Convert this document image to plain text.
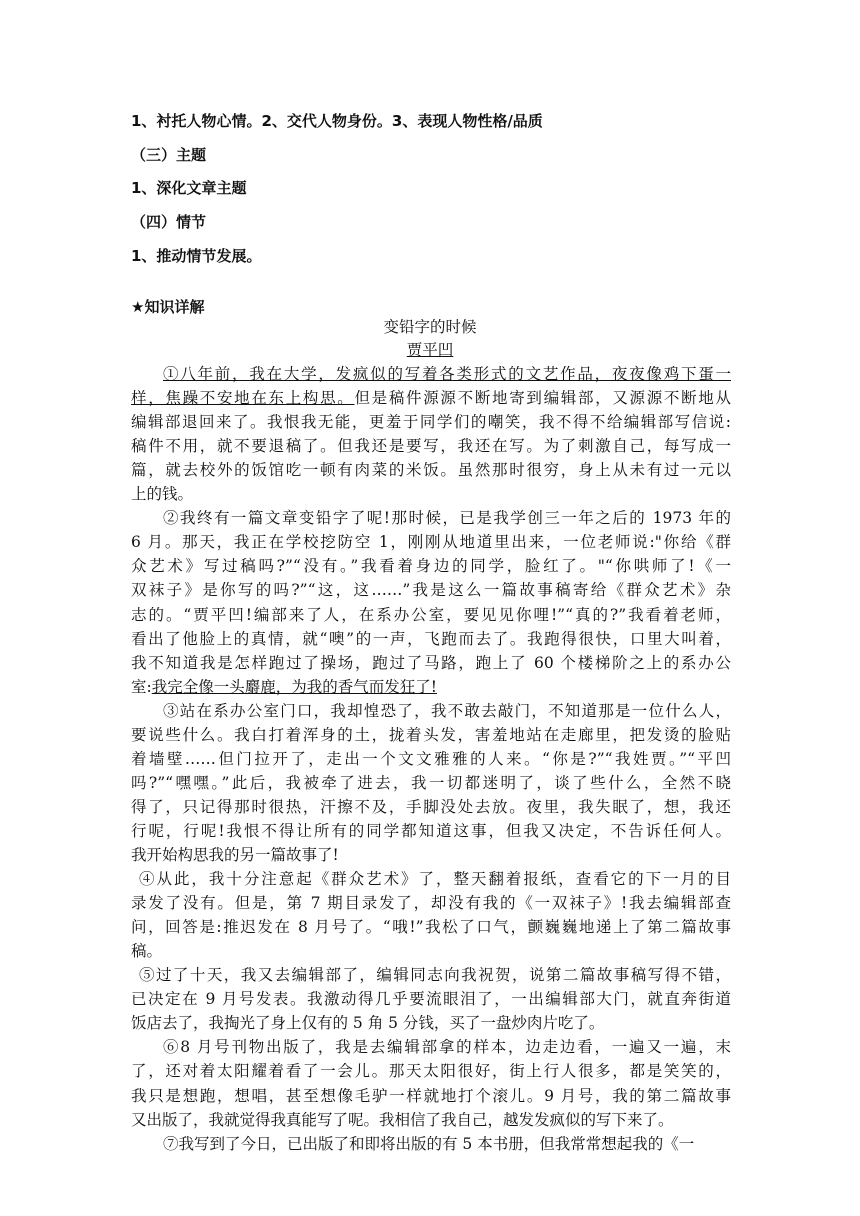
1、衬托人物心情。2、交代人物身份。3、表现人物性格/品质
（三）主题
1、深化文章主题
（四）情节
1、推动情节发展。
★知识详解
变铅字的时候
贾平凹
①八年前，我在大学，发疯似的写着各类形式的文艺作品，夜夜像鸡下蛋一
样，焦躁不安地在东上构思。但是稿件源源不断地寄到编辑部，又源源不断地从
编辑部退回来了。我恨我无能，更羞于同学们的嘲笑，我不得不给编辑部写信说:
稿件不用，就不要退稿了。但我还是要写，我还在写。为了刺激自己，每写成一
篇，就去校外的饭馆吃一顿有肉菜的米饭。虽然那时很穷，身上从未有过一元以
上的钱。
②我终有一篇文章变铅字了呢!那时候，已是我学创三一年之后的 1973 年的
6 月。那天，我正在学校挖防空 1，刚刚从地道里出来，一位老师说:"你给《群
众艺术》写过稿吗?”“没有。”我看着身边的同学，脸红了。"“你哄师了!《一
双袜子》是你写的吗?”“这，这……”我是这么一篇故事稿寄给《群众艺术》杂
志的。“贾平凹!编部来了人，在系办公室，要见见你哩!”“真的?”我看着老师，
看出了他脸上的真情，就“噢”的一声，飞跑而去了。我跑得很快，口里大叫着，
我不知道我是怎样跑过了操场，跑过了马路，跑上了 60 个楼梯阶之上的系办公
室:我完全像一头麝鹿，为我的香气而发狂了!
③站在系办公室门口，我却惶恐了，我不敢去敲门，不知道那是一位什么人，
要说些什么。我白打着浑身的土，拢着头发，害羞地站在走廊里，把发烫的脸贴
着墙壁……但门拉开了，走出一个文文雅雅的人来。“你是?”“我姓贾。”“平凹
吗?”“嘿嘿。”此后，我被牵了进去，我一切都迷明了，谈了些什么，全然不晓
得了，只记得那时很热，汗擦不及，手脚没处去放。夜里，我失眠了，想，我还
行呢，行呢!我恨不得让所有的同学都知道这事，但我又决定，不告诉任何人。
我开始构思我的另一篇故事了!
④从此，我十分注意起《群众艺术》了，整天翻着报纸，查看它的下一月的目
录发了没有。但是，第 7 期目录发了，却没有我的《一双袜子》!我去编辑部查
问，回答是:推迟发在 8 月号了。“哦!”我松了口气，颤巍巍地递上了第二篇故事
稿。
⑤过了十天，我又去编辑部了，编辑同志向我祝贺，说第二篇故事稿写得不错，
已决定在 9 月号发表。我激动得几乎要流眼泪了，一出编辑部大门，就直奔街道
饭店去了，我掏光了身上仅有的 5 角 5 分钱，买了一盘炒肉片吃了。
⑥8 月号刊物出版了，我是去编辑部拿的样本，边走边看，一遍又一遍，末
了，还对着太阳耀着看了一会儿。那天太阳很好，街上行人很多，都是笑笑的，
我只是想跑，想唱，甚至想像毛驴一样就地打个滚儿。9 月号，我的第二篇故事
又出版了，我就觉得我真能写了呢。我相信了我自己，越发发疯似的写下来了。
⑦我写到了今日，已出版了和即将出版的有 5 本书册，但我常常想起我的《一
